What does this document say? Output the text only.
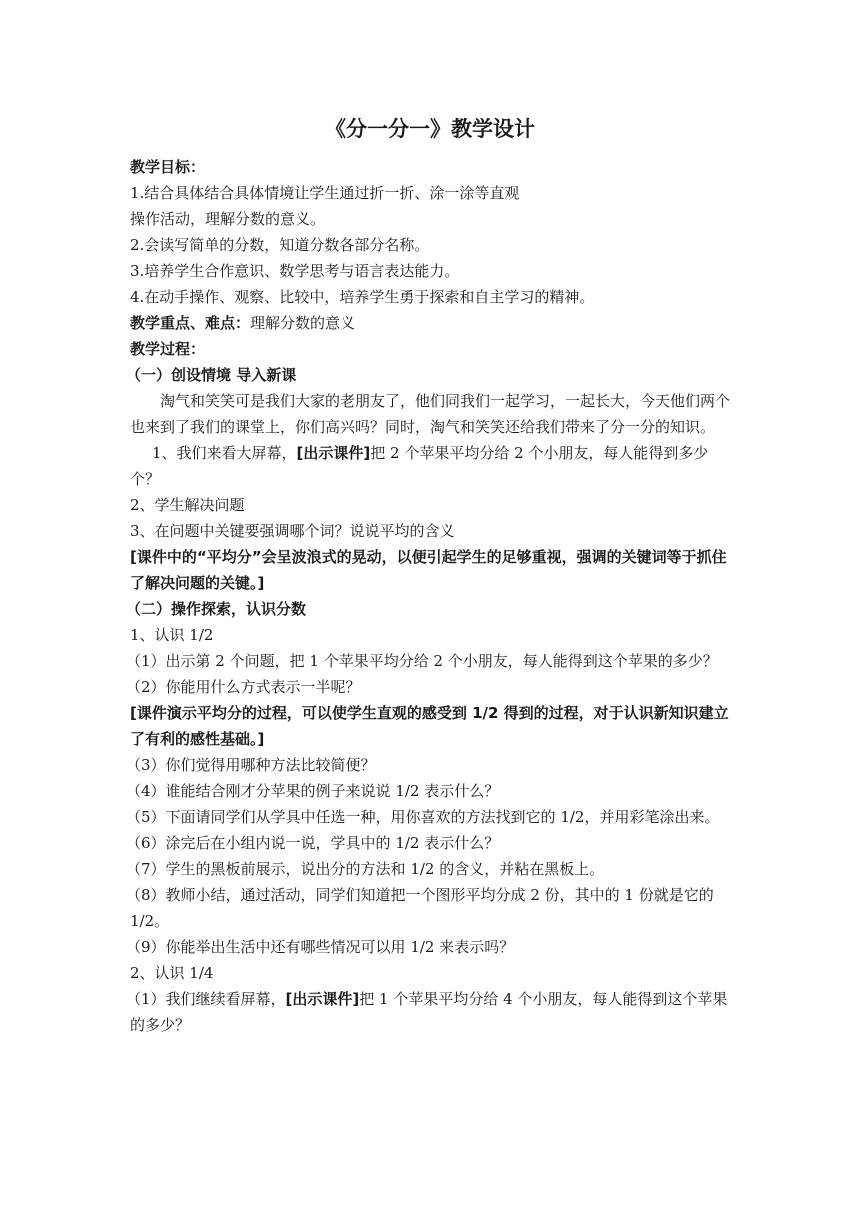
《分一分一》教学设计
教学目标：
1.结合具体结合具体情境让学生通过折一折、涂一涂等直观
操作活动，理解分数的意义。
2.会读写简单的分数，知道分数各部分名称。
3.培养学生合作意识、数学思考与语言表达能力。
4.在动手操作、观察、比较中，培养学生勇于探索和自主学习的精神。
教学重点、难点：理解分数的意义
教学过程：
（一）创设情境 导入新课
淘气和笑笑可是我们大家的老朋友了，他们同我们一起学习，一起长大，今天他们两个也来到了我们的课堂上，你们高兴吗？同时，淘气和笑笑还给我们带来了分一分的知识。
1、我们来看大屏幕，[出示课件]把 2 个苹果平均分给 2 个小朋友，每人能得到多少个？
2、学生解决问题
3、在问题中关键要强调哪个词？说说平均的含义
[课件中的“平均分”会呈波浪式的晃动，以便引起学生的足够重视，强调的关键词等于抓住了解决问题的关键。]
（二）操作探索，认识分数
1、认识 1/2
（1）出示第 2 个问题，把 1 个苹果平均分给 2 个小朋友，每人能得到这个苹果的多少？
（2）你能用什么方式表示一半呢？
[课件演示平均分的过程，可以使学生直观的感受到 1/2 得到的过程，对于认识新知识建立了有利的感性基础。]
（3）你们觉得用哪种方法比较简便？
（4）谁能结合刚才分苹果的例子来说说 1/2 表示什么？
（5）下面请同学们从学具中任选一种，用你喜欢的方法找到它的 1/2，并用彩笔涂出来。
（6）涂完后在小组内说一说，学具中的 1/2 表示什么？
（7）学生的黑板前展示，说出分的方法和 1/2 的含义，并粘在黑板上。
（8）教师小结，通过活动，同学们知道把一个图形平均分成 2 份，其中的 1 份就是它的 1/2。
（9）你能举出生活中还有哪些情况可以用 1/2 来表示吗？
2、认识 1/4
（1）我们继续看屏幕，[出示课件]把 1 个苹果平均分给 4 个小朋友，每人能得到这个苹果的多少？
